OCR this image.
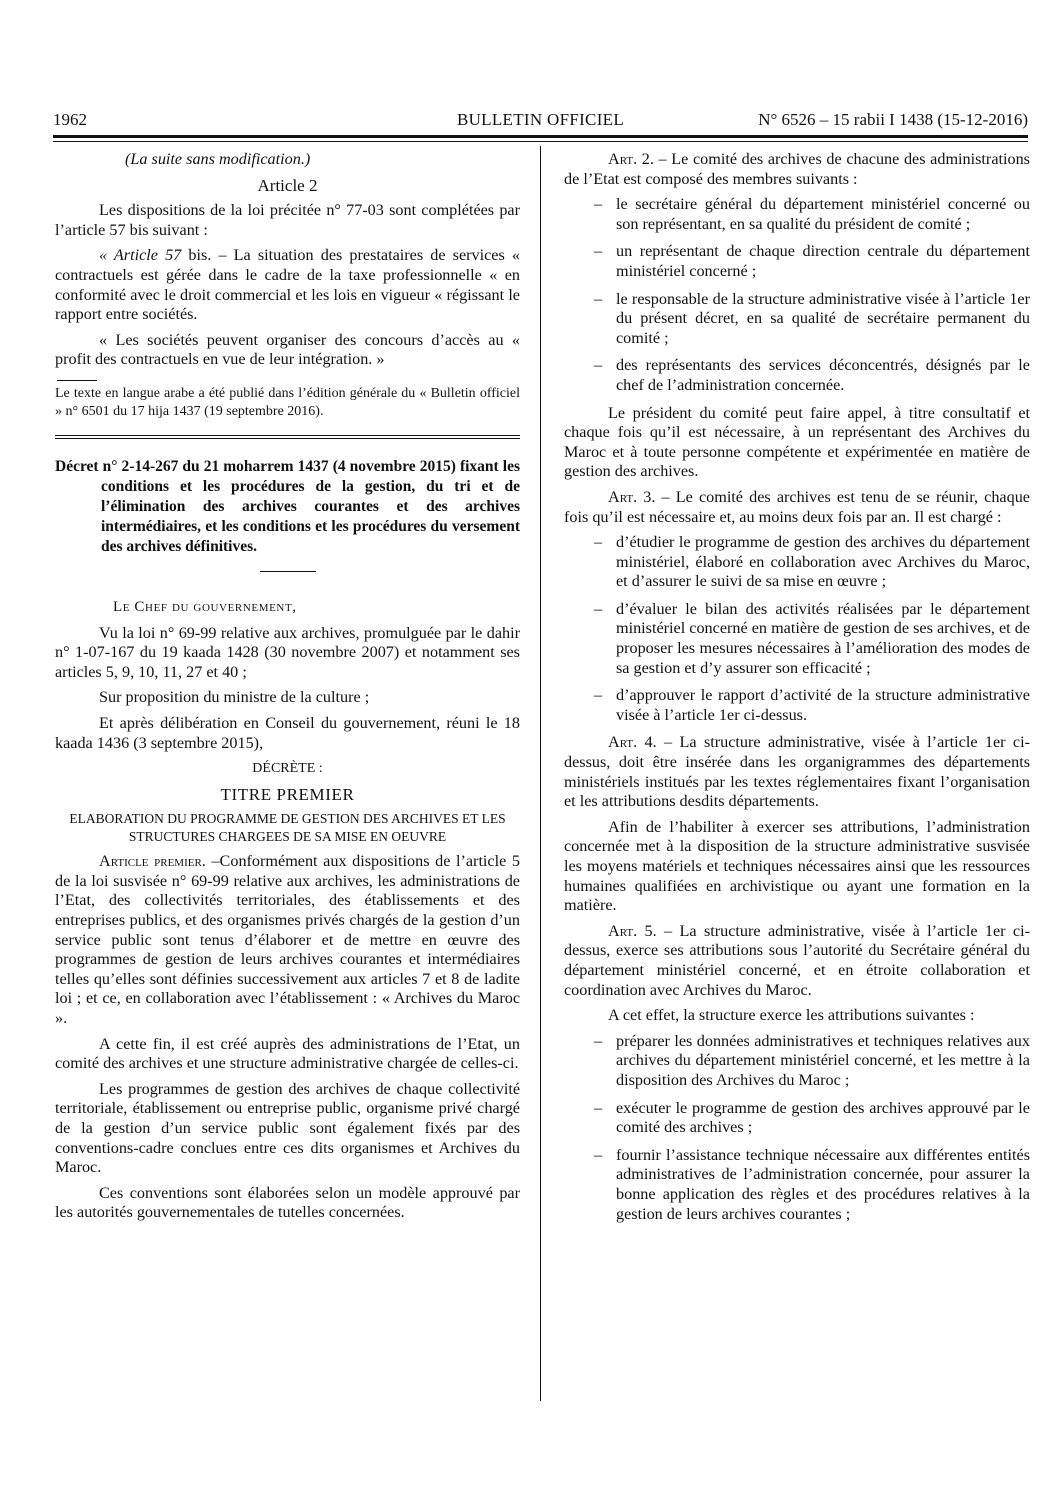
1962	BULLETIN OFFICIEL	N° 6526 – 15 rabii I 1438 (15-12-2016)

(La suite sans modification.)

Article 2

Les dispositions de la loi précitée n° 77-03 sont complétées par l’article 57 bis suivant :

« Article 57 bis. – La situation des prestataires de services « contractuels est gérée dans le cadre de la taxe professionnelle « en conformité avec le droit commercial et les lois en vigueur « régissant le rapport entre sociétés.

« Les sociétés peuvent organiser des concours d’accès au « profit des contractuels en vue de leur intégration. »

Le texte en langue arabe a été publié dans l’édition générale du « Bulletin officiel » n° 6501 du 17 hija 1437 (19 septembre 2016).

Décret n° 2-14-267 du 21 moharrem 1437 (4 novembre 2015) fixant les conditions et les procédures de la gestion, du tri et de l’élimination des archives courantes et des archives intermédiaires, et les conditions et les procédures du versement des archives définitives.

Le Chef du gouvernement,

Vu la loi n° 69-99 relative aux archives, promulguée par le dahir n° 1-07-167 du 19 kaada 1428 (30 novembre 2007) et notamment ses articles 5, 9, 10, 11, 27 et 40 ;

Sur proposition du ministre de la culture ;

Et après délibération en Conseil du gouvernement, réuni le 18 kaada 1436 (3 septembre 2015),

DÉCRÈTE :

TITRE PREMIER

ELABORATION DU PROGRAMME DE GESTION DES ARCHIVES ET LES STRUCTURES CHARGEES DE SA MISE EN OEUVRE

Article premier. –Conformément aux dispositions de l’article 5 de la loi susvisée n° 69-99 relative aux archives, les administrations de l’Etat, des collectivités territoriales, des établissements et des entreprises publics, et des organismes privés chargés de la gestion d’un service public sont tenus d’élaborer et de mettre en œuvre des programmes de gestion de leurs archives courantes et intermédiaires telles qu’elles sont définies successivement aux articles 7 et 8 de ladite loi ; et ce, en collaboration avec l’établissement : « Archives du Maroc ».

A cette fin, il est créé auprès des administrations de l’Etat, un comité des archives et une structure administrative chargée de celles-ci.

Les programmes de gestion des archives de chaque collectivité territoriale, établissement ou entreprise public, organisme privé chargé de la gestion d’un service public sont également fixés par des conventions-cadre conclues entre ces dits organismes et Archives du Maroc.

Ces conventions sont élaborées selon un modèle approuvé par les autorités gouvernementales de tutelles concernées.

Art. 2. – Le comité des archives de chacune des administrations de l’Etat est composé des membres suivants :

– le secrétaire général du département ministériel concerné ou son représentant, en sa qualité du président de comité ;

– un représentant de chaque direction centrale du département ministériel concerné ;

– le responsable de la structure administrative visée à l’article 1er du présent décret, en sa qualité de secrétaire permanent du comité ;

– des représentants des services déconcentrés, désignés par le chef de l’administration concernée.

Le président du comité peut faire appel, à titre consultatif et chaque fois qu’il est nécessaire, à un représentant des Archives du Maroc et à toute personne compétente et expérimentée en matière de gestion des archives.

Art. 3. – Le comité des archives est tenu de se réunir, chaque fois qu’il est nécessaire et, au moins deux fois par an. Il est chargé :

– d’étudier le programme de gestion des archives du département ministériel, élaboré en collaboration avec Archives du Maroc, et d’assurer le suivi de sa mise en œuvre ;

– d’évaluer le bilan des activités réalisées par le département ministériel concerné en matière de gestion de ses archives, et de proposer les mesures nécessaires à l’amélioration des modes de sa gestion et d’y assurer son efficacité ;

– d’approuver le rapport d’activité de la structure administrative visée à l’article 1er ci-dessus.

Art. 4. – La structure administrative, visée à l’article 1er ci-dessus, doit être insérée dans les organigrammes des départements ministériels institués par les textes réglementaires fixant l’organisation et les attributions desdits départements.

Afin de l’habiliter à exercer ses attributions, l’administration concernée met à la disposition de la structure administrative susvisée les moyens matériels et techniques nécessaires ainsi que les ressources humaines qualifiées en archivistique ou ayant une formation en la matière.

Art. 5. – La structure administrative, visée à l’article 1er ci-dessus, exerce ses attributions sous l’autorité du Secrétaire général du département ministériel concerné, et en étroite collaboration et coordination avec Archives du Maroc.

A cet effet, la structure exerce les attributions suivantes :

– préparer les données administratives et techniques relatives aux archives du département ministériel concerné, et les mettre à la disposition des Archives du Maroc ;

– exécuter le programme de gestion des archives approuvé par le comité des archives ;

– fournir l’assistance technique nécessaire aux différentes entités administratives de l’administration concernée, pour assurer la bonne application des règles et des procédures relatives à la gestion de leurs archives courantes ;
